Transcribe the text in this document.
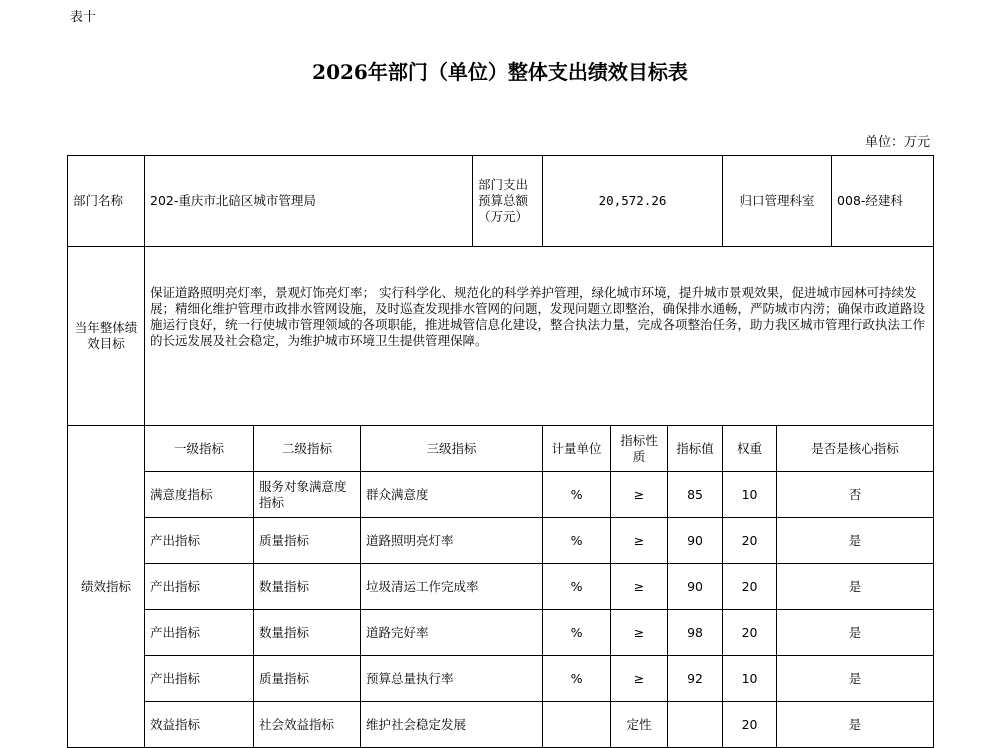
表十
2026年部门（单位）整体支出绩效目标表
单位：万元
部门名称	202-重庆市北碚区城市管理局			部门支出预算总额（万元）	20,572.26			归口管理科室 008-经建科

当年整体绩效目标	保证道路照明亮灯率，景观灯饰亮灯率； 实行科学化、规范化的科学养护管理，绿化城市环境，提升城市景观效果，促进城市园林可持续发展；精细化维护管理市政排水管网设施，及时巡查发现排水管网的问题，发现问题立即整治，确保排水通畅，严防城市内涝；确保市政道路设施运行良好，统一行使城市管理领域的各项职能，推进城管信息化建设，整合执法力量，完成各项整治任务，助力我区城市管理行政执法工作的长远发展及社会稳定，为维护城市环境卫生提供管理保障。							

绩效指标	一级指标	二级指标	三级指标		计量单位	指标性质	指标值	权重 是否是核心指标

	满意度指标	服务对象满意度指标	群众满意度		%	≥	85	10 否

	产出指标	质量指标	道路照明亮灯率		%	≥	90	20 是

	产出指标	数量指标	垃圾清运工作完成率		%	≥	90	20 是

	产出指标	数量指标	道路完好率		%	≥	98	20 是

	产出指标	质量指标	预算总量执行率		%	≥	92	10 是

	效益指标	社会效益指标	维护社会稳定发展			定性		20 是
